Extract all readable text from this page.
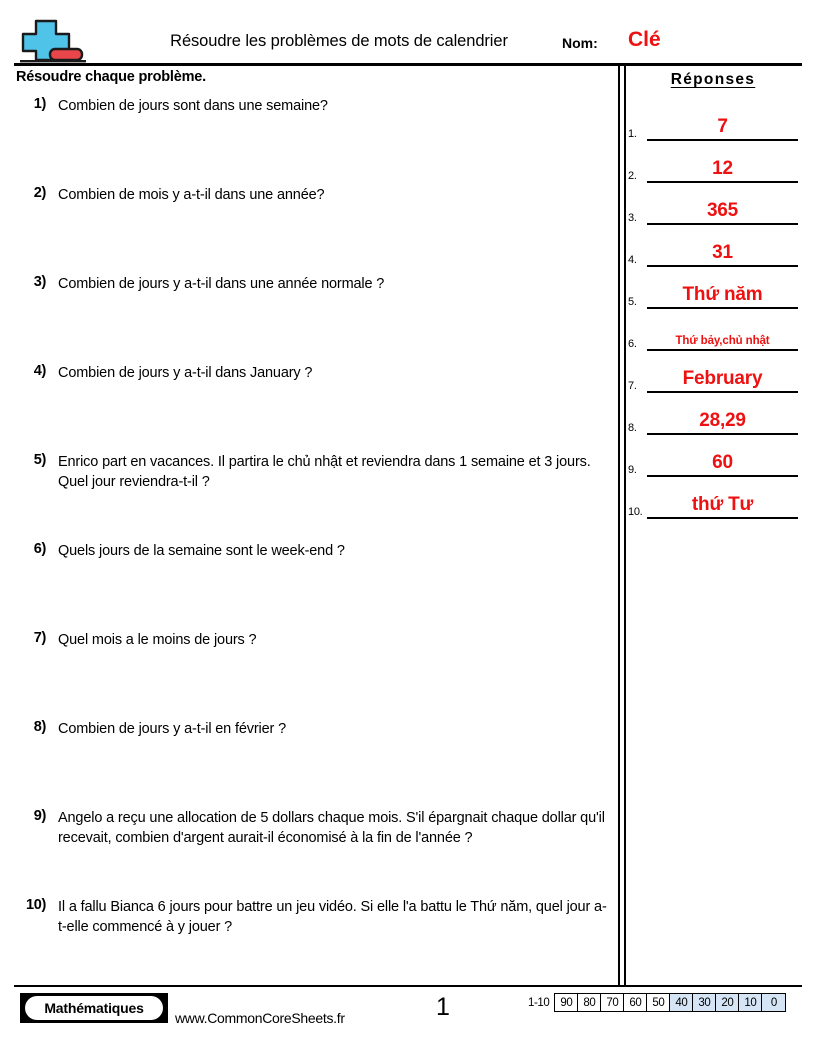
Résoudre les problèmes de mots de calendrier	Nom: Clé
Résoudre chaque problème.
1) Combien de jours sont dans une semaine?
2) Combien de mois y a-t-il dans une année?
3) Combien de jours y a-t-il dans une année normale ?
4) Combien de jours y a-t-il dans January ?
5) Enrico part en vacances. Il partira le chủ nhật et reviendra dans 1 semaine et 3 jours. Quel jour reviendra-t-il ?
6) Quels jours de la semaine sont le week-end ?
7) Quel mois a le moins de jours ?
8) Combien de jours y a-t-il en février ?
9) Angelo a reçu une allocation de 5 dollars chaque mois. S'il épargnait chaque dollar qu'il recevait, combien d'argent aurait-il économisé à la fin de l'année ?
10) Il a fallu Bianca 6 jours pour battre un jeu vidéo. Si elle l'a battu le Thứ năm, quel jour a-t-elle commencé à y jouer ?
Réponses
1.	7
2.	12
3.	365
4.	31
5.	Thứ năm
6.	Thứ bảy,chủ nhật
7.	February
8.	28,29
9.	60
10.	thứ Tư
Mathématiques
www.CommonCoreSheets.fr	1	1-10 90 80 70 60 50 40 30 20 10	0
